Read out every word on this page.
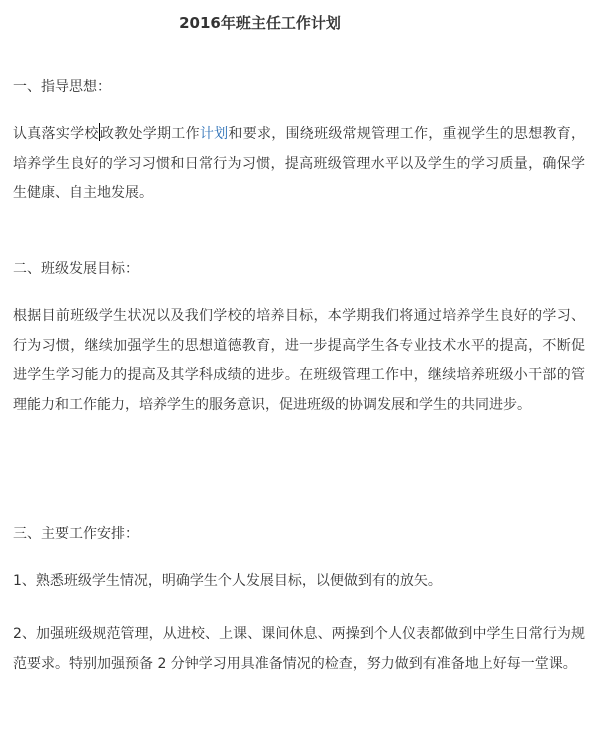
2016年班主任工作计划
一、指导思想：
认真落实学校政教处学期工作计划和要求，围绕班级常规管理工作，重视学生的思想教育，培养学生良好的学习习惯和日常行为习惯，提高班级管理水平以及学生的学习质量，确保学生健康、自主地发展。
二、班级发展目标：
根据目前班级学生状况以及我们学校的培养目标，本学期我们将通过培养学生良好的学习、行为习惯，继续加强学生的思想道德教育，进一步提高学生各专业技术水平的提高，不断促进学生学习能力的提高及其学科成绩的进步。在班级管理工作中，继续培养班级小干部的管理能力和工作能力，培养学生的服务意识，促进班级的协调发展和学生的共同进步。
三、主要工作安排：
1、熟悉班级学生情况，明确学生个人发展目标，以便做到有的放矢。
2、加强班级规范管理，从进校、上课、课间休息、两操到个人仪表都做到中学生日常行为规范要求。特别加强预备 2 分钟学习用具准备情况的检查，努力做到有准备地上好每一堂课。
